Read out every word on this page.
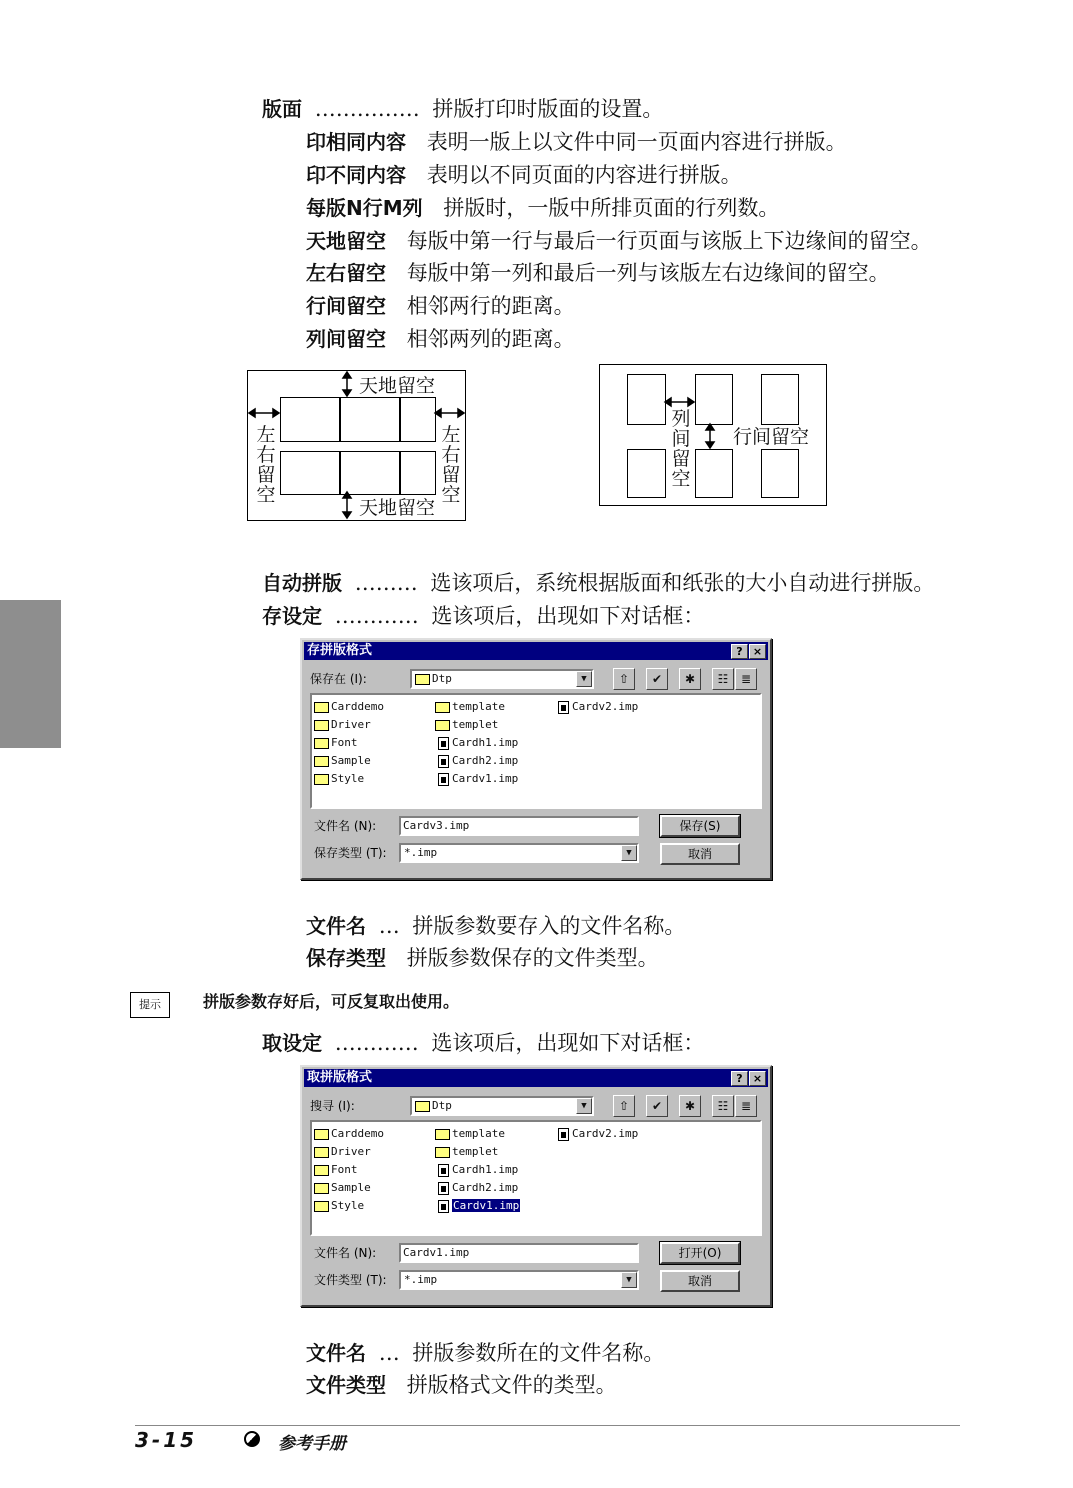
版面 …………… 拼版打印时版面的设置。
印相同内容 表明一版上以文件中同一页面内容进行拼版。
印不同内容 表明以不同页面的内容进行拼版。
每版N行M列 拼版时，一版中所排页面的行列数。
天地留空 每版中第一行与最后一行页面与该版上下边缘间的留空。
左右留空 每版中第一列和最后一列与该版左右边缘间的留空。
行间留空 相邻两行的距离。
列间留空 相邻两列的距离。
天地留空
天地留空
左
右
留
空
左
右
留
空
列
间
留
空
行间留空
自动拼版 ……… 选该项后，系统根据版面和纸张的大小自动进行拼版。
存设定 ………… 选该项后，出现如下对话框：
存拼版格式	? ×
保存在 (I):	Dtp	▼	⇧	✔	✱	☷	≣
Carddemo
Driver
Font
Sample
Style
template
templet
Cardh1.imp
Cardh2.imp
Cardv1.imp
Cardv2.imp
文件名 (N):	Cardv3.imp	保存(S)
保存类型 (T):	*.imp	▼	取消
文件名 … 拼版参数要存入的文件名称。
保存类型 拼版参数保存的文件类型。
提示	拼版参数存好后，可反复取出使用。
取设定 ………… 选该项后，出现如下对话框：
取拼版格式	? ×
搜寻 (I):	Dtp	▼	⇧	✔	✱	☷	≣
Carddemo
Driver
Font
Sample
Style
template
templet
Cardh1.imp
Cardh2.imp
Cardv1.imp
Cardv2.imp
文件名 (N):	Cardv1.imp	打开(O)
文件类型 (T):	*.imp	▼	取消
文件名 … 拼版参数所在的文件名称。
文件类型 拼版格式文件的类型。
3-15	参考手册
